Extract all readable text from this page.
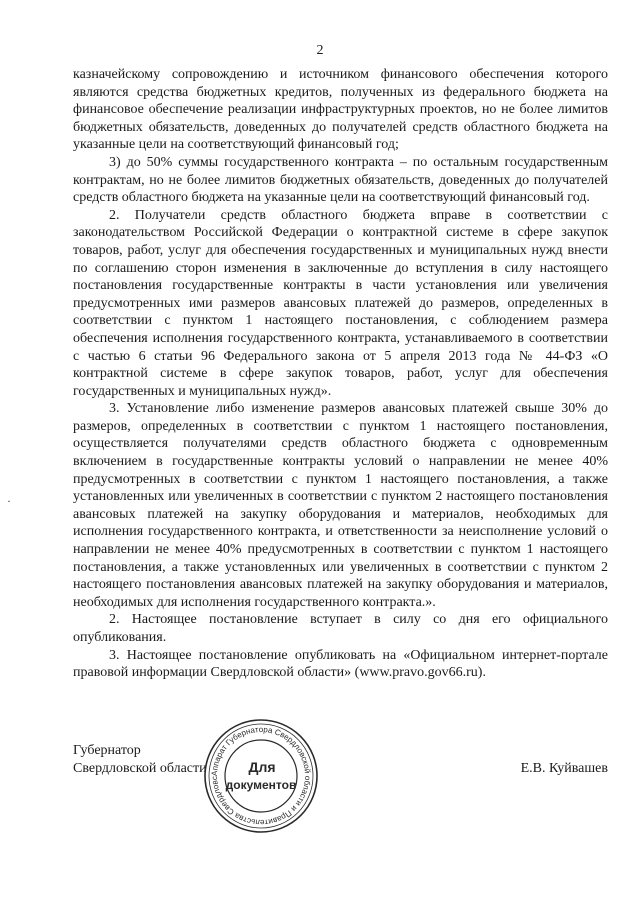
2

казначейскому сопровождению и источником финансового обеспечения которого являются средства бюджетных кредитов, полученных из федерального бюджета на финансовое обеспечение реализации инфраструктурных проектов, но не более лимитов бюджетных обязательств, доведенных до получателей средств областного бюджета на указанные цели на соответствующий финансовый год;

3) до 50% суммы государственного контракта – по остальным государственным контрактам, но не более лимитов бюджетных обязательств, доведенных до получателей средств областного бюджета на указанные цели на соответствующий финансовый год.

2. Получатели средств областного бюджета вправе в соответствии с законодательством Российской Федерации о контрактной системе в сфере закупок товаров, работ, услуг для обеспечения государственных и муниципальных нужд внести по соглашению сторон изменения в заключенные до вступления в силу настоящего постановления государственные контракты в части установления или увеличения предусмотренных ими размеров авансовых платежей до размеров, определенных в соответствии с пунктом 1 настоящего постановления, с соблюдением размера обеспечения исполнения государственного контракта, устанавливаемого в соответствии с частью 6 статьи 96 Федерального закона от 5 апреля 2013 года № 44-ФЗ «О контрактной системе в сфере закупок товаров, работ, услуг для обеспечения государственных и муниципальных нужд».

3. Установление либо изменение размеров авансовых платежей свыше 30% до размеров, определенных в соответствии с пунктом 1 настоящего постановления, осуществляется получателями средств областного бюджета с одновременным включением в государственные контракты условий о направлении не менее 40% предусмотренных в соответствии с пунктом 1 настоящего постановления, а также установленных или увеличенных в соответствии с пунктом 2 настоящего постановления авансовых платежей на закупку оборудования и материалов, необходимых для исполнения государственного контракта, и ответственности за неисполнение условий о направлении не менее 40% предусмотренных в соответствии с пунктом 1 настоящего постановления, а также установленных или увеличенных в соответствии с пунктом 2 настоящего постановления авансовых платежей на закупку оборудования и материалов, необходимых для исполнения государственного контракта.».

2. Настоящее постановление вступает в силу со дня его официального опубликования.

3. Настоящее постановление опубликовать на «Официальном интернет-портале правовой информации Свердловской области» (www.pravo.gov66.ru).

·
Губернатор
Свердловской области	Е.В. Куйвашев
Аппарат Губернатора Свердловской области и Правительства Свердловс
Для
документов
